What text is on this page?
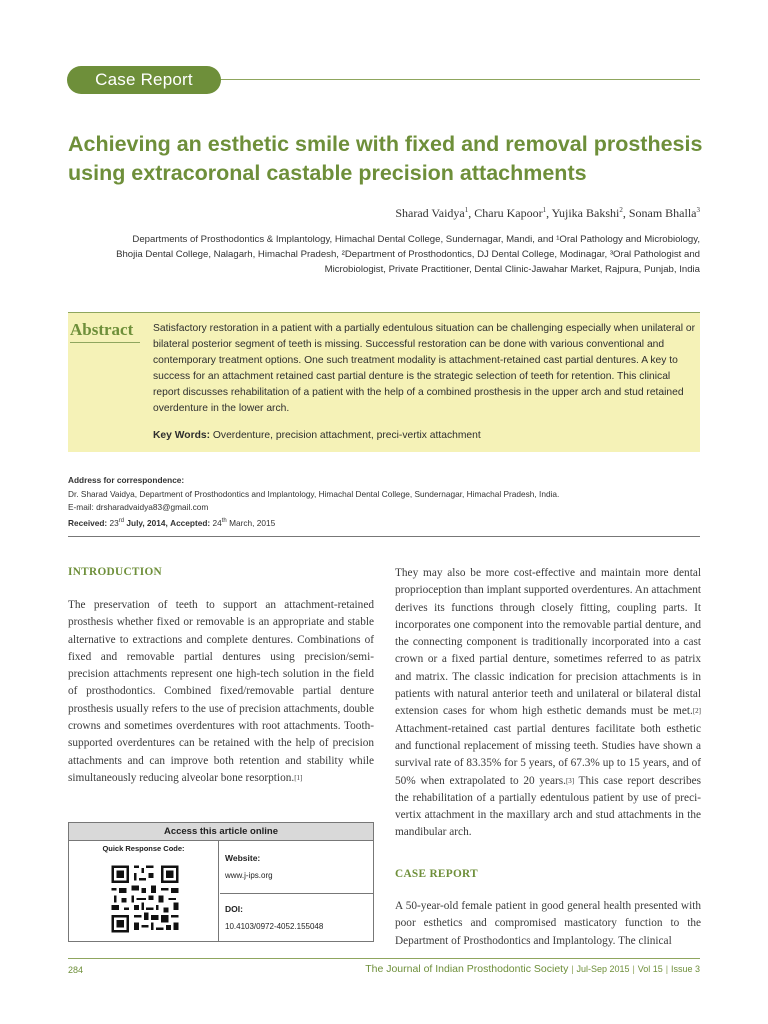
Case Report
Achieving an esthetic smile with fixed and removal prosthesis using extracoronal castable precision attachments
Sharad Vaidya$^1$, Charu Kapoor$^1$, Yujika Bakshi$^2$, Sonam Bhalla$^3$
Departments of Prosthodontics & Implantology, Himachal Dental College, Sundernagar, Mandi, and ¹Oral Pathology and Microbiology,
Bhojia Dental College, Nalagarh, Himachal Pradesh, ²Department of Prosthodontics, DJ Dental College, Modinagar, ³Oral Pathologist and
Microbiologist, Private Practitioner, Dental Clinic-Jawahar Market, Rajpura, Punjab, India
Abstract Satisfactory restoration in a patient with a partially edentulous situation can be challenging especially when unilateral or bilateral posterior segment of teeth is missing. Successful restoration can be done with various conventional and contemporary treatment options. One such treatment modality is attachment-retained cast partial dentures. A key to success for an attachment retained cast partial denture is the strategic selection of teeth for retention. This clinical report discusses rehabilitation of a patient with the help of a combined prosthesis in the upper arch and stud retained overdenture in the lower arch.

Key Words: Overdenture, precision attachment, preci-vertix attachment
Address for correspondence:
Dr. Sharad Vaidya, Department of Prosthodontics and Implantology, Himachal Dental College, Sundernagar, Himachal Pradesh, India.
E-mail: drsharadvaidya83@gmail.com
Received: 23rd July, 2014, Accepted: 24th March, 2015
INTRODUCTION

The preservation of teeth to support an attachment-retained prosthesis whether fixed or removable is an appropriate and stable alternative to extractions and complete dentures. Combinations of fixed and removable partial dentures using precision/semi-precision attachments represent one high-tech solution in the field of prosthodontics. Combined fixed/removable partial denture prosthesis usually refers to the use of precision attachments, double crowns and sometimes overdentures with root attachments. Tooth-supported overdentures can be retained with the help of precision attachments and can improve both retention and stability while simultaneously reducing alveolar bone resorption.[1]

Access this article online
Quick Response Code:
Website:
www.j-ips.org
DOI:
10.4103/0972-4052.155048

They may also be more cost-effective and maintain more dental proprioception than implant supported overdentures. An attachment derives its functions through closely fitting, coupling parts. It incorporates one component into the removable partial denture, and the connecting component is traditionally incorporated into a cast crown or a fixed partial denture, sometimes referred to as patrix and matrix. The classic indication for precision attachments is in patients with natural anterior teeth and unilateral or bilateral distal extension cases for whom high esthetic demands must be met.[2] Attachment-retained cast partial dentures facilitate both esthetic and functional replacement of missing teeth. Studies have shown a survival rate of 83.35% for 5 years, of 67.3% up to 15 years, and of 50% when extrapolated to 20 years.[3] This case report describes the rehabilitation of a partially edentulous patient by use of preci-vertix attachment in the maxillary arch and stud attachments in the mandibular arch.

CASE REPORT

A 50-year-old female patient in good general health presented with poor esthetics and compromised masticatory function to the Department of Prosthodontics and Implantology. The clinical

284	The Journal of Indian Prosthodontic Society | Jul-Sep 2015 | Vol 15 | Issue 3
